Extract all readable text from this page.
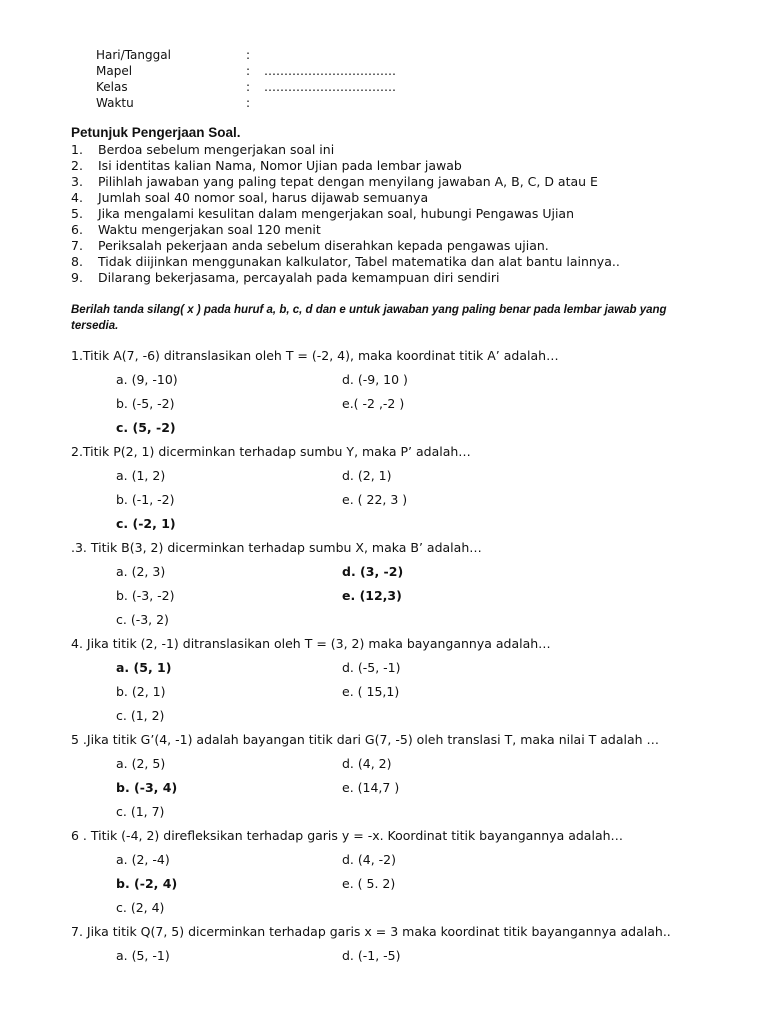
Hari/Tanggal	:
Mapel	:	……………………………
Kelas	:	……………………………
Waktu	:
Petunjuk Pengerjaan Soal.
1.	Berdoa sebelum mengerjakan soal ini
2.	Isi identitas kalian Nama, Nomor Ujian pada lembar jawab
3.	Pilihlah jawaban yang paling tepat dengan menyilang jawaban A, B, C, D atau E
4.	Jumlah soal 40 nomor soal, harus dijawab semuanya
5.	Jika mengalami kesulitan dalam mengerjakan soal, hubungi Pengawas Ujian
6.	Waktu mengerjakan soal 120 menit
7.	Periksalah pekerjaan anda sebelum diserahkan kepada pengawas ujian.
8.	Tidak diijinkan menggunakan kalkulator, Tabel matematika dan alat bantu lainnya..
9.	Dilarang bekerjasama, percayalah pada kemampuan diri sendiri
Berilah tanda silang( x ) pada huruf a, b, c, d dan e untuk jawaban yang paling benar pada lembar jawab yang tersedia.
1.Titik A(7, -6) ditranslasikan oleh T = (-2, 4), maka koordinat titik A’ adalah…
a. (9, -10)	d. (-9, 10 )
b. (-5, -2)	e.( -2 ,-2 )
c. (5, -2)
2.Titik P(2, 1) dicerminkan terhadap sumbu Y, maka P’ adalah…
a. (1, 2)	d. (2, 1)
b. (-1, -2)	e. ( 22, 3 )
c. (-2, 1)
.3. Titik B(3, 2) dicerminkan terhadap sumbu X, maka B’ adalah…
a. (2, 3)	d. (3, -2)
b. (-3, -2)	e. (12,3)
c. (-3, 2)
4. Jika titik (2, -1) ditranslasikan oleh T = (3, 2) maka bayangannya adalah…
a. (5, 1)	d. (-5, -1)
b. (2, 1)	e. ( 15,1)
c. (1, 2)
5 .Jika titik G’(4, -1) adalah bayangan titik dari G(7, -5) oleh translasi T, maka nilai T adalah …
a. (2, 5)	d. (4, 2)
b. (-3, 4)	e. (14,7 )
c. (1, 7)
6 . Titik (-4, 2) direfleksikan terhadap garis y = -x. Koordinat titik bayangannya adalah…
a. (2, -4)	d. (4, -2)
b. (-2, 4)	e. ( 5. 2)
c. (2, 4)
7. Jika titik Q(7, 5) dicerminkan terhadap garis x = 3 maka koordinat titik bayangannya adalah..
a. (5, -1)	d. (-1, -5)
